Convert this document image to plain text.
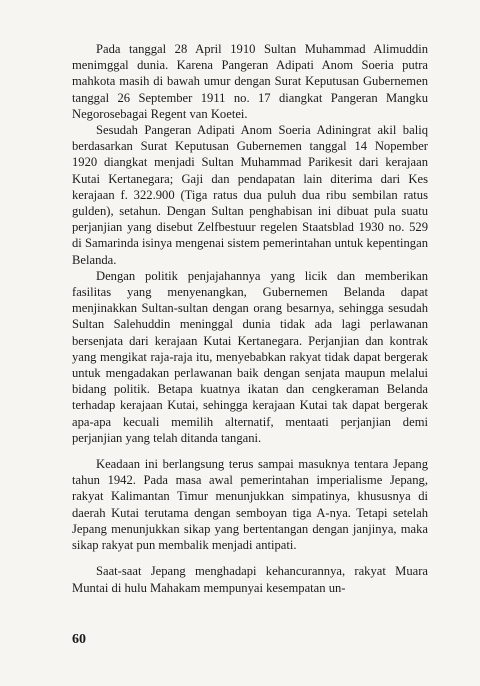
Pada tanggal 28 April 1910 Sultan Muhammad Alimuddin menimggal dunia. Karena Pangeran Adipati Anom Soeria putra mahkota masih di bawah umur dengan Surat Keputusan Gubernemen tanggal 26 September 1911 no. 17 diangkat Pangeran Mangku Negorosebagai Regent van Koetei.

Sesudah Pangeran Adipati Anom Soeria Adiningrat akil baliq berdasarkan Surat Keputusan Gubernemen tanggal 14 Nopember 1920 diangkat menjadi Sultan Muhammad Parikesit dari kerajaan Kutai Kertanegara; Gaji dan pendapatan lain diterima dari Kes kerajaan f. 322.900 (Tiga ratus dua puluh dua ribu sembilan ratus gulden), setahun. Dengan Sultan penghabisan ini dibuat pula suatu perjanjian yang disebut Zelfbestuur regelen Staatsblad 1930 no. 529 di Samarinda isinya mengenai sistem pemerintahan untuk kepentingan Belanda.

Dengan politik penjajahannya yang licik dan memberikan fasilitas yang menyenangkan, Gubernemen Belanda dapat menjinakkan Sultan-sultan dengan orang besarnya, sehingga sesudah Sultan Salehuddin meninggal dunia tidak ada lagi perlawanan bersenjata dari kerajaan Kutai Kertanegara. Perjanjian dan kontrak yang mengikat raja-raja itu, menyebabkan rakyat tidak dapat bergerak untuk mengadakan perlawanan baik dengan senjata maupun melalui bidang politik. Betapa kuatnya ikatan dan cengkeraman Belanda terhadap kerajaan Kutai, sehingga kerajaan Kutai tak dapat bergerak apa-apa kecuali memilih alternatif, mentaati perjanjian demi perjanjian yang telah ditanda tangani.

Keadaan ini berlangsung terus sampai masuknya tentara Jepang tahun 1942. Pada masa awal pemerintahan imperialisme Jepang, rakyat Kalimantan Timur menunjukkan simpatinya, khususnya di daerah Kutai terutama dengan semboyan tiga A-nya. Tetapi setelah Jepang menunjukkan sikap yang bertentangan dengan janjinya, maka sikap rakyat pun membalik menjadi antipati.

Saat-saat Jepang menghadapi kehancurannya, rakyat Muara Muntai di hulu Mahakam mempunyai kesempatan un-

60
